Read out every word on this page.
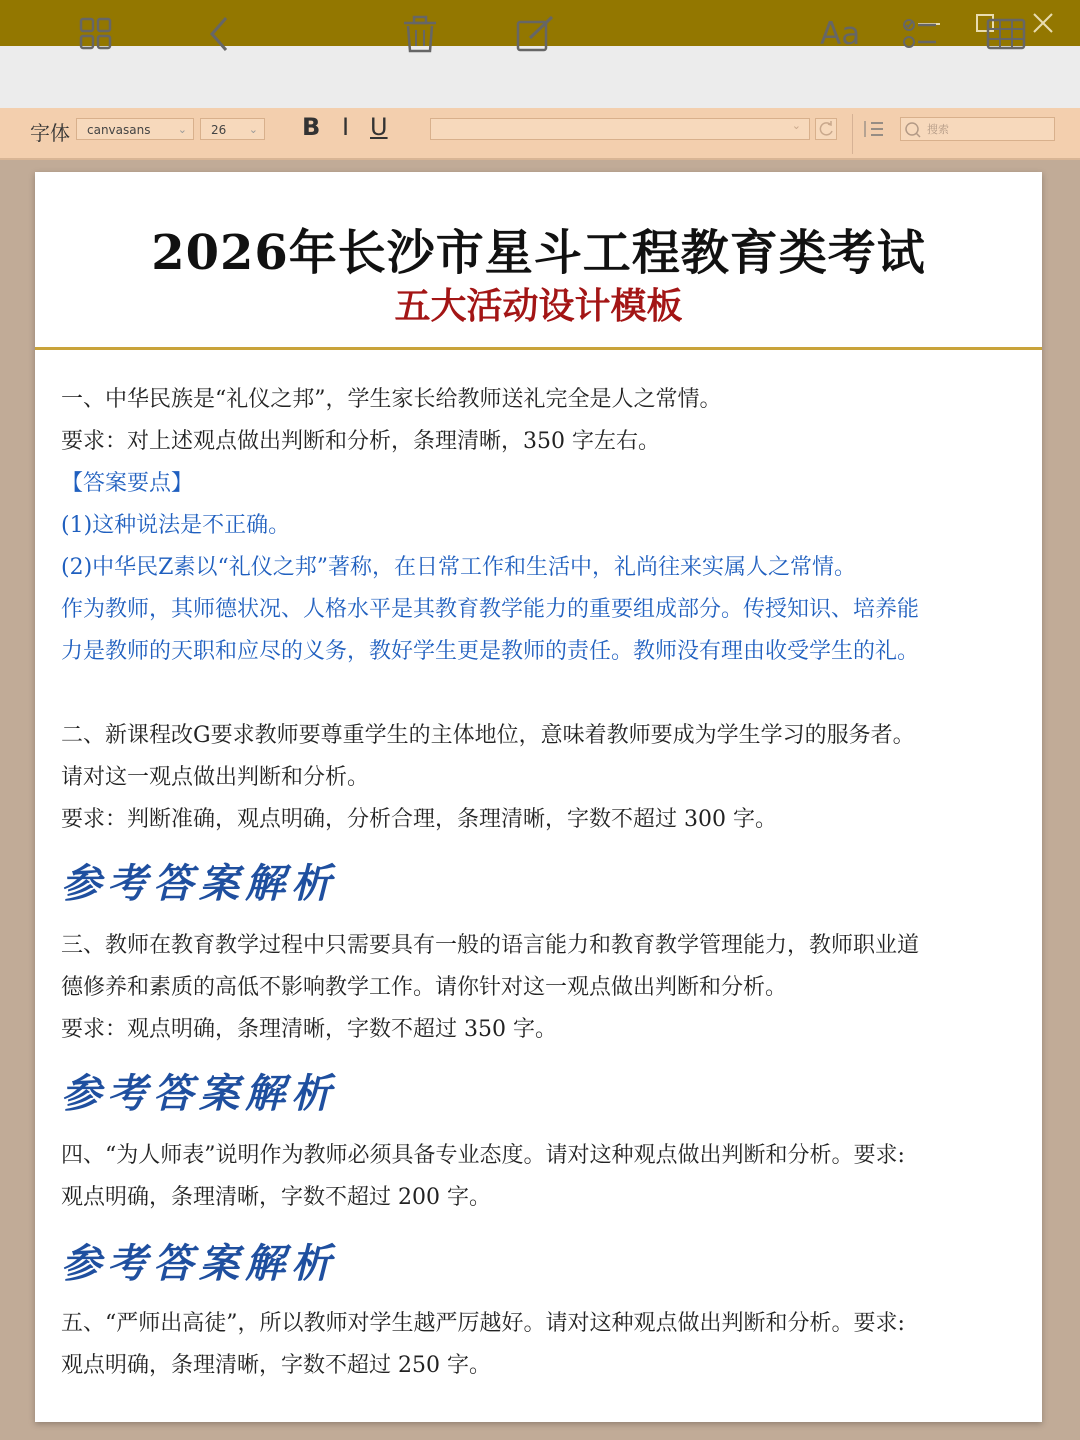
Aa
字体	canvasans ⌄	26 ⌄ B I U	⌄	搜索
2026年长沙市星斗工程教育类考试
五大活动设计模板
一、中华民族是“礼仪之邦”，学生家长给教师送礼完全是人之常情。
要求：对上述观点做出判断和分析，条理清晰，350 字左右。
【答案要点】
(1)这种说法是不正确。
(2)中华民Z素以“礼仪之邦”著称，在日常工作和生活中，礼尚往来实属人之常情。
作为教师，其师德状况、人格水平是其教育教学能力的重要组成部分。传授知识、培养能
力是教师的天职和应尽的义务，教好学生更是教师的责任。教师没有理由收受学生的礼。
二、新课程改G要求教师要尊重学生的主体地位，意味着教师要成为学生学习的服务者。
请对这一观点做出判断和分析。
要求：判断准确，观点明确，分析合理，条理清晰，字数不超过 300 字。
参考答案解析
三、教师在教育教学过程中只需要具有一般的语言能力和教育教学管理能力，教师职业道
德修养和素质的高低不影响教学工作。请你针对这一观点做出判断和分析。
要求：观点明确，条理清晰，字数不超过 350 字。
参考答案解析
四、“为人师表”说明作为教师必须具备专业态度。请对这种观点做出判断和分析。要求:
观点明确，条理清晰，字数不超过 200 字。
参考答案解析
五、“严师出高徒”，所以教师对学生越严厉越好。请对这种观点做出判断和分析。要求:
观点明确，条理清晰，字数不超过 250 字。
